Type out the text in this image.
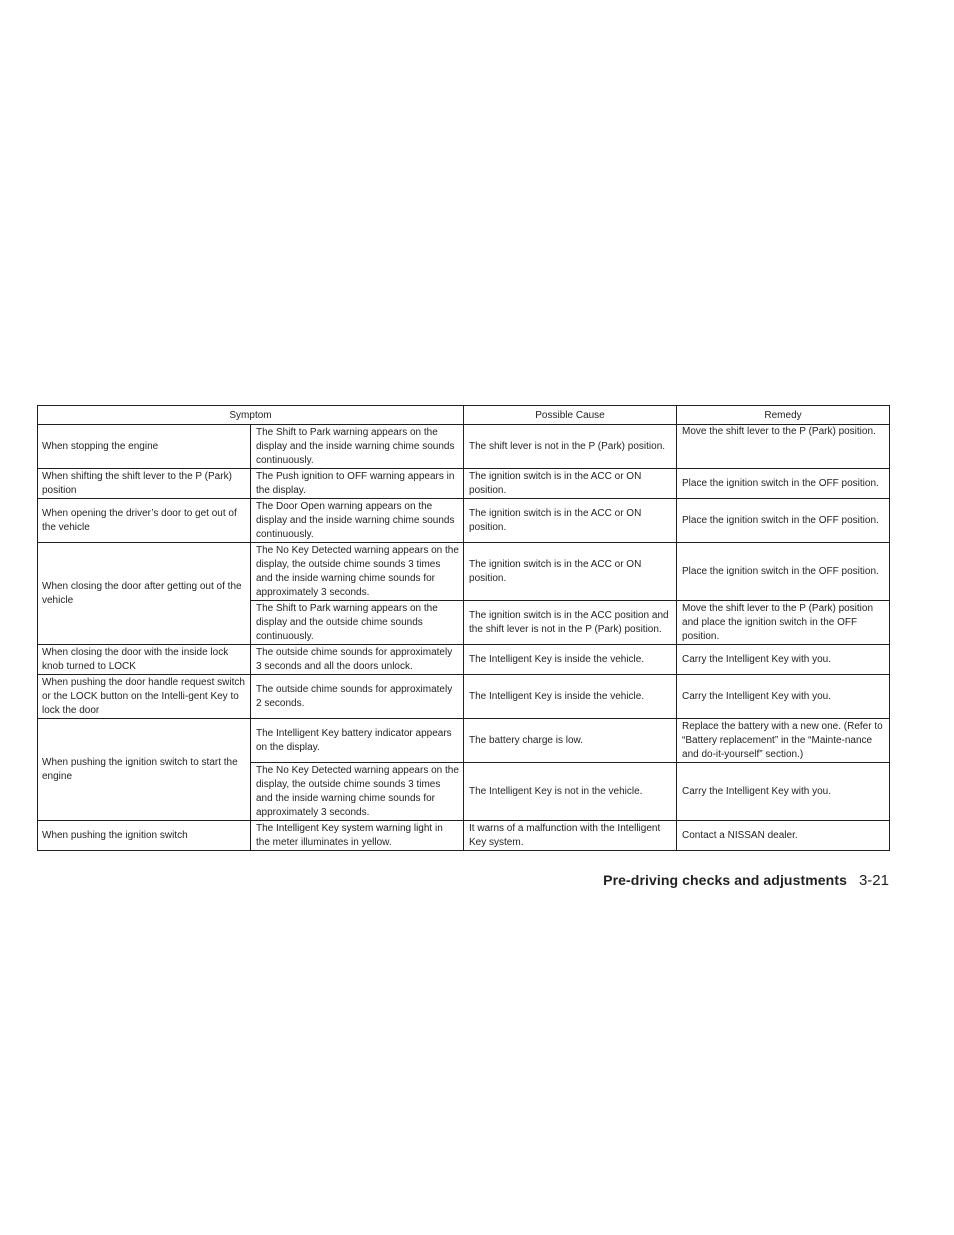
Symptom		Possible Cause	Remedy
When stopping the engine	The Shift to Park warning appears on the display and the inside warning chime sounds continuously.	The shift lever is not in the P (Park) position.	Move the shift lever to the P (Park) position.
When shifting the shift lever to the P (Park) position	The Push ignition to OFF warning appears in the display.	The ignition switch is in the ACC or ON position.	Place the ignition switch in the OFF position.
When opening the driver’s door to get out of the vehicle	The Door Open warning appears on the display and the inside warning chime sounds continuously.	The ignition switch is in the ACC or ON position.	Place the ignition switch in the OFF position.
When closing the door after getting out of the vehicle	The No Key Detected warning appears on the display, the outside chime sounds 3 times and the inside warning chime sounds for approximately 3 seconds.	The ignition switch is in the ACC or ON position.	Place the ignition switch in the OFF position.
	The Shift to Park warning appears on the display and the outside chime sounds continuously.	The ignition switch is in the ACC position and the shift lever is not in the P (Park) position.	Move the shift lever to the P (Park) position and place the ignition switch in the OFF position.
When closing the door with the inside lock knob turned to LOCK	The outside chime sounds for approximately 3 seconds and all the doors unlock.	The Intelligent Key is inside the vehicle.	Carry the Intelligent Key with you.
When pushing the door handle request switch or the LOCK button on the Intelli-gent Key to lock the door	The outside chime sounds for approximately 2 seconds.	The Intelligent Key is inside the vehicle.	Carry the Intelligent Key with you.
When pushing the ignition switch to start the engine	The Intelligent Key battery indicator appears on the display.	The battery charge is low.	Replace the battery with a new one. (Refer to “Battery replacement” in the “Mainte-nance and do-it-yourself” section.)
	The No Key Detected warning appears on the display, the outside chime sounds 3 times and the inside warning chime sounds for approximately 3 seconds.	The Intelligent Key is not in the vehicle.	Carry the Intelligent Key with you.
When pushing the ignition switch	The Intelligent Key system warning light in the meter illuminates in yellow.	It warns of a malfunction with the Intelligent Key system.	Contact a NISSAN dealer.
Pre-driving checks and adjustments 3-21
